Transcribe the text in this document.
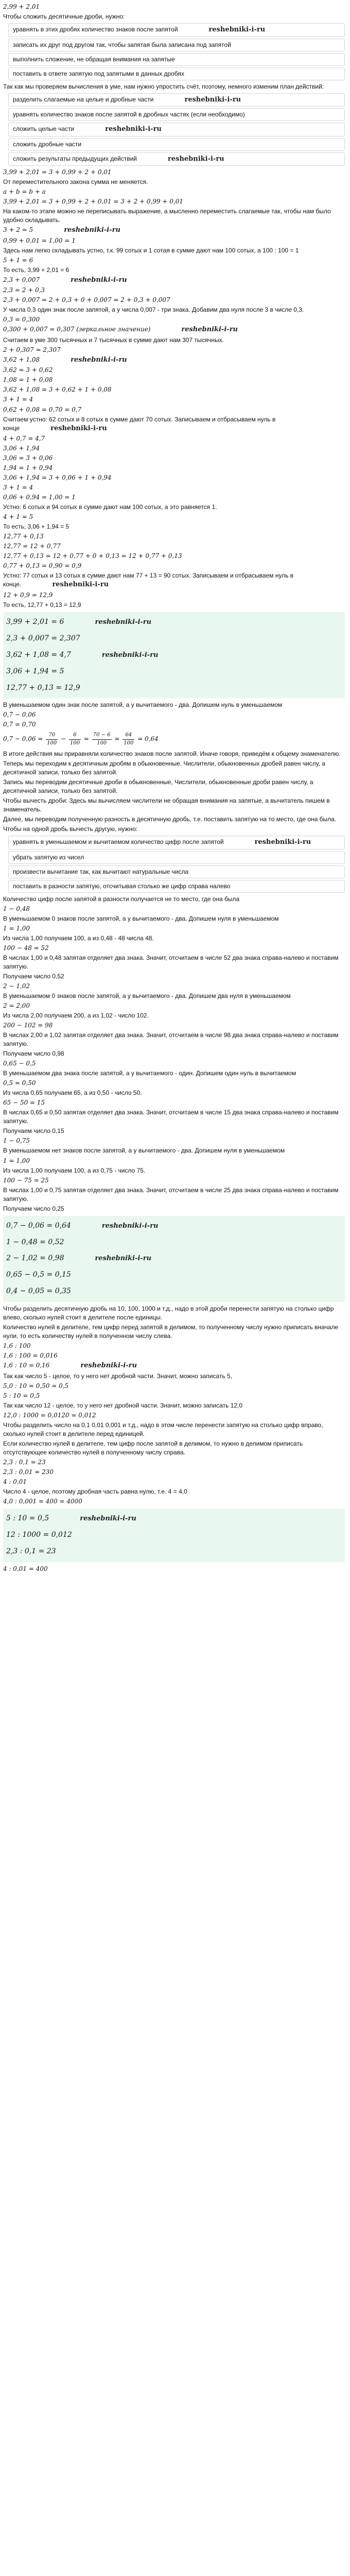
2,99 + 2,01

Чтобы сложить десятичные дроби, нужно:

уравнять в этих дробях количество знаков после запятой	reshebniki-i-ru
записать их друг под другом так, чтобы запятая была записана под запятой
выполнить сложение, не обращая внимания на запятые
поставить в ответе запятую под запятыми в данных дробях

Так как мы проверяем вычисления в уме, нам нужно упростить счёт, поэтому, немного изменим план действий:

разделить слагаемые на целые и дробные части	reshebniki-i-ru
уравнять количество знаков после запятой в дробных частях (если необходимо)
сложить целые части	reshebniki-i-ru
сложить дробные части
сложить результаты предыдущих действий	reshebniki-i-ru

3,99 + 2,01 = 3 + 0,99 + 2 + 0,01

От переместительного закона сумма не меняется.

a + b = b + a

3,99 + 2,01 = 3 + 0,99 + 2 + 0,01 = 3 + 2 + 0,99 + 0,01

На каком-то этапе можно не переписывать выражение, а мысленно переместить слагаемые так, чтобы нам было удобно складывать.

3 + 2 = 5	reshebniki-i-ru

0,99 + 0,01 = 1,00 = 1

Здесь нам легко складывать устно, т.к. 99 сотых и 1 сотая в сумме дают нам 100 сотых, а 100 : 100 = 1

5 + 1 = 6

То есть, 3,99 + 2,01 = 6

2,3 + 0,007	reshebniki-i-ru

2,3 = 2 + 0,3

2,3 + 0,007 = 2 + 0,3 + 0 + 0,007 = 2 + 0,3 + 0,007

У числа 0,3 один знак после запятой, а у числа 0,007 - три знака. Добавим два нуля после 3 в числе 0,3.

0,3 = 0,300

0,300 + 0,007 = 0,307 (зеркальное значение)	reshebniki-i-ru

Считаем в уме 300 тысячных и 7 тысячных в сумме дают нам 307 тысячных.

2 + 0,307 = 2,307

3,62 + 1,08	reshebniki-i-ru

3,62 = 3 + 0,62

1,08 = 1 + 0,08

3,62 + 1,08 = 3 + 0,62 + 1 + 0,08

3 + 1 = 4

0,62 + 0,08 = 0,70 = 0,7

Считаем устно: 62 сотых и 8 сотых в сумме дают 70 сотых. Записываем и отбрасываем нуль в конце	reshebniki-i-ru

4 + 0,7 = 4,7

3,06 + 1,94

3,06 = 3 + 0,06

1,94 = 1 + 0,94

3,06 + 1,94 = 3 + 0,06 + 1 + 0,94

3 + 1 = 4

0,06 + 0,94 = 1,00 = 1

Устно: 6 сотых и 94 сотых в сумме дают нам 100 сотых, а это равняется 1.

4 + 1 = 5

То есть, 3,06 + 1,94 = 5

12,77 + 0,13

12,77 = 12 + 0,77

12,77 + 0,13 = 12 + 0,77 + 0 + 0,13 = 12 + 0,77 + 0,13

0,77 + 0,13 = 0,90 = 0,9

Устно: 77 сотых и 13 сотых в сумме дают нам 77 + 13 = 90 сотых. Записываем и отбрасываем нуль в конце.	reshebniki-i-ru

12 + 0,9 = 12,9

То есть, 12,77 + 0,13 = 12,9

3,99 + 2,01 = 6	reshebniki-i-ru

2,3 + 0,007 = 2,307

3,62 + 1,08 = 4,7	reshebniki-i-ru

3,06 + 1,94 = 5

12,77 + 0,13 = 12,9

В уменьшаемом один знак после запятой, а у вычитаемого - два. Допишем нуль в уменьшаемом

0,7 − 0,06

0,7 = 0,70

$0,7 - 0,06 = \frac{70}{100} - \frac{6}{100} = \frac{70 - 6}{100} = \frac{64}{100} = 0,64$

В итоге действия мы приравняли количество знаков после запятой. Иначе говоря, приведём к общему знаменателю.

Теперь мы переходим к десятичным дробям в обыкновенные. Числители, обыкновенных дробей равен числу, а десятичной записи, только без запятой.

Запись мы переводим десятичные дроби в обыкновенные, Числители, обыкновенные дроби равен числу, а десятичной записи, только без запятой.

Чтобы вычесть дроби: Здесь мы вычисляем числители не обращая внимания на запятые, а вычитатель пишем в знаменатель.

Далее, мы переводим полученную разность в десятичную дробь, т.е. поставить запятую на то место, где она была.

Чтобы на одной дробь вычесть другую, нужно:

уравнять в уменьшаемом и вычитаемом количество цифр после запятой	reshebniki-i-ru
убрать запятую из чисел
произвести вычитание так, как вычитают натуральные числа
поставить в разности запятую, отсчитывая столько же цифр справа налево

Количество цифр после запятой в разности получается не то место, где она была

1 − 0,48

В уменьшаемом 0 знаков после запятой, а у вычитаемого - два. Допишем нуля в уменьшаемом

1 = 1,00

Из числа 1,00 получаем 100, а из 0,48 - 48 числа 48.

100 − 48 = 52

В числах 1,00 и 0,48 запятая отделяет два знака. Значит, отсчитаем в числе 52 два знака справа-налево и поставим запятую.

Получаем число 0,52

2 − 1,02

В уменьшаемом 0 знаков после запятой, а у вычитаемого - два. Допишем два нуля в уменьшаемом

2 = 2,00

Из числа 2,00 получаем 200, а из 1,02 - число 102.

200 − 102 = 98

В числах 2,00 и 1,02 запятая отделяет два знака. Значит, отсчитаем в числе 98 два знака справа-налево и поставим запятую.

Получаем число 0,98

0,65 − 0,5

В уменьшаемом два знака после запятой, а у вычитаемого - один. Допишем один нуль в вычитаемом

0,5 = 0,50

Из числа 0,65 получаем 65, а из 0,50 - число 50.

65 − 50 = 15

В числах 0,65 и 0,50 запятая отделяет два знака. Значит, отсчитаем в числе 15 два знака справа-налево и поставим запятую.

Получаем число 0,15

1 − 0,75

В уменьшаемом нет знаков после запятой, а у вычитаемого - два. Допишем нуля в уменьшаемом

1 = 1,00

Из числа 1,00 получаем 100, а из 0,75 - число 75.

100 − 75 = 25

В числах 1,00 и 0,75 запятая отделяет два знака. Значит, отсчитаем в числе 25 два знака справа-налево и поставим запятую.

Получаем число 0,25

0,7 − 0,06 = 0,64	reshebniki-i-ru

1 − 0,48 = 0,52

2 − 1,02 = 0,98	reshebniki-i-ru

0,65 − 0,5 = 0,15

0,4 − 0,05 = 0,35

Чтобы разделить десятичную дробь на 10, 100, 1000 и т.д., надо в этой дроби перенести запятую на столько цифр влево, сколько нулей стоит в делителе после единицы.

Количество нулей в делителе, тем цифр перед запятой в делимом, то полученному числу нужно приписать вначале нули, то есть количеству нулей в полученном числу слева.

1,6 : 100

1,6 : 100 = 0,016

1,6 : 10 = 0,16	reshebniki-i-ru

Так как число 5 - целое, то у него нет дробной части. Значит, можно записать 5,

5,0 : 10 = 0,50 = 0,5

5 : 10 = 0,5

Так как число 12 - целое, то у него нет дробной части. Значит, можно записать 12,0

12,0 : 1000 = 0,0120 = 0,012

Чтобы разделить число на 0,1 0,01 0,001 и т.д., надо в этом числе перенести запятую на столько цифр вправо, сколько нулей стоит в делителе перед единицей.

Если количество нулей в делителе, тем цифр после запятой в делимом, то нужно в делимом приписать отсутствующее количество нулей в полученному числу справа.

2,3 : 0,1 = 23

2,3 : 0,01 = 230

4 : 0,01

Число 4 - целое, поэтому дробная часть равна нулю, т.е. 4 = 4,0

4,0 : 0,001 = 400 = 4000

5 : 10 = 0,5	reshebniki-i-ru

12 : 1000 = 0,012

2,3 : 0,1 = 23

4 : 0,01 = 400
